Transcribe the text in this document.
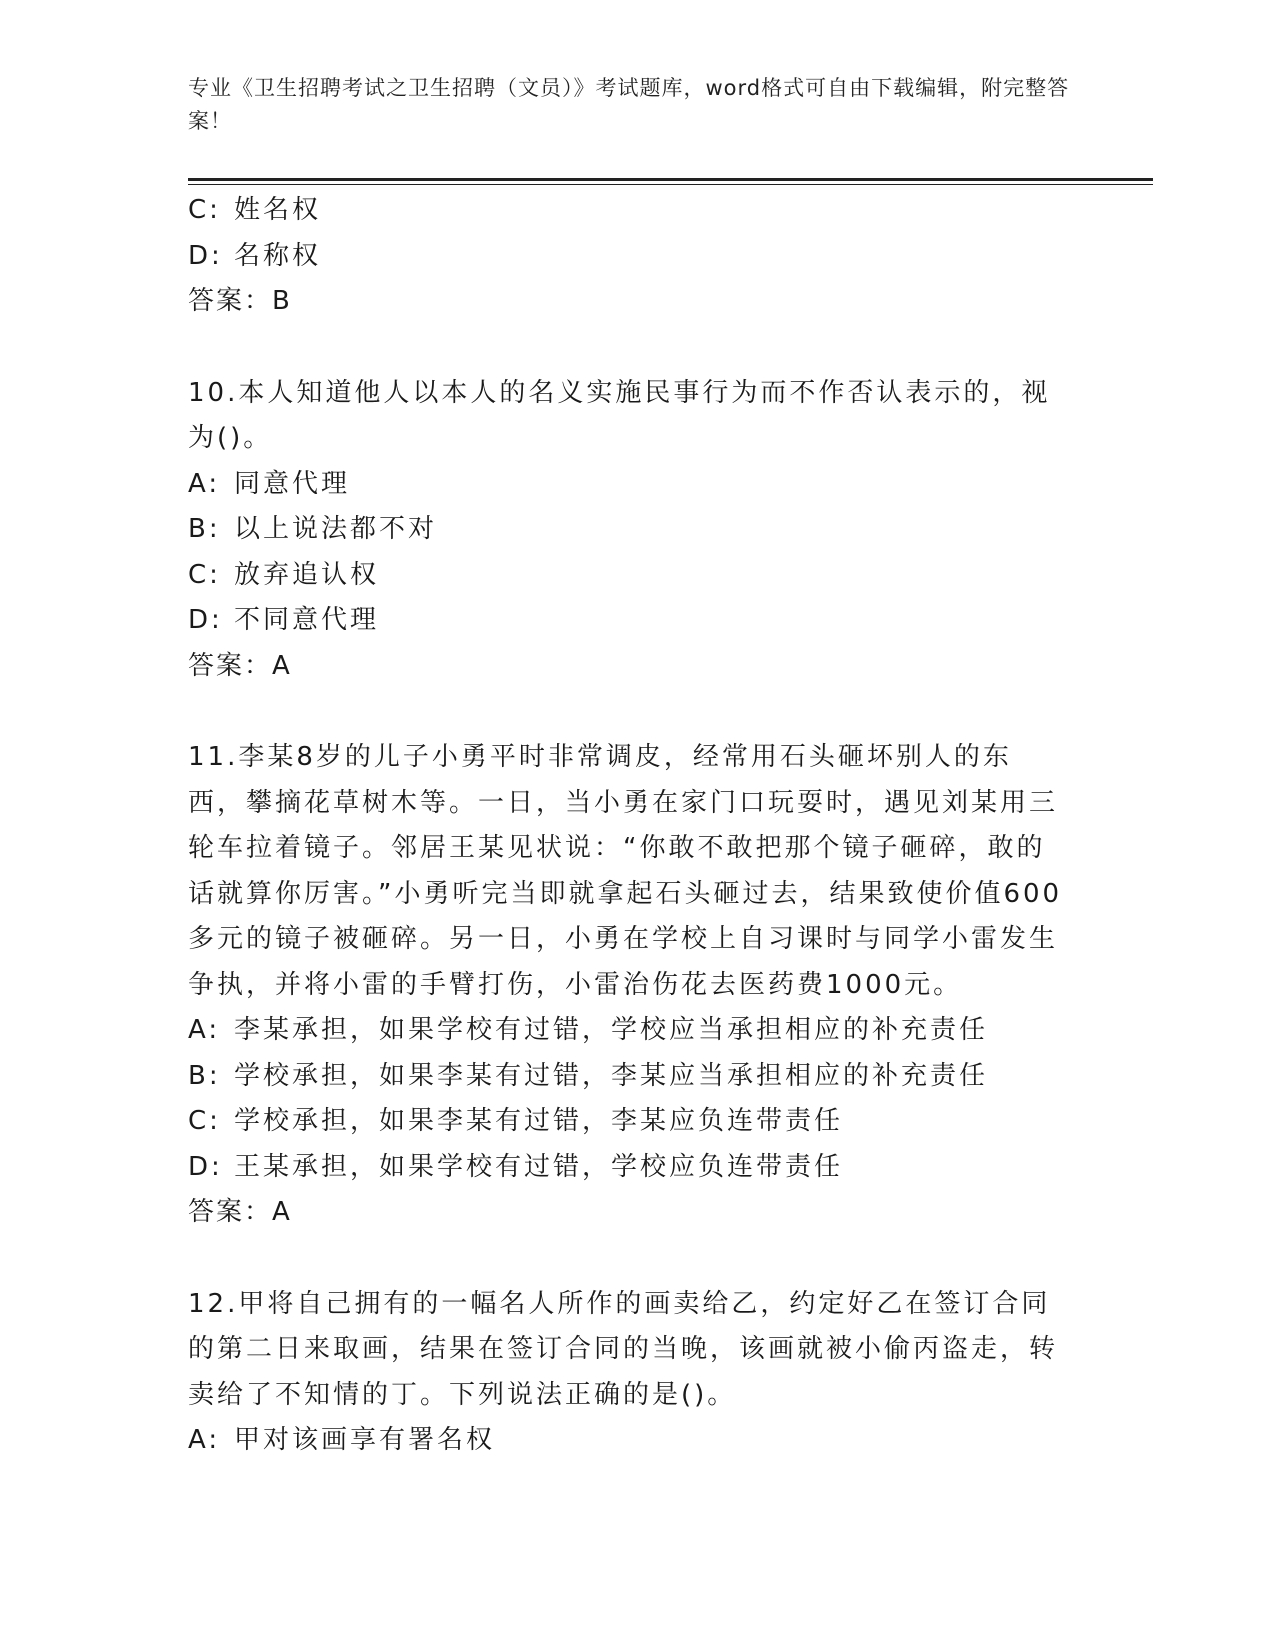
专业《卫生招聘考试之卫生招聘（文员）》考试题库，word格式可自由下载编辑，附完整答案！
C: 姓名权
D: 名称权
答案：B
10.本人知道他人以本人的名义实施民事行为而不作否认表示的，视为()。
A: 同意代理
B: 以上说法都不对
C: 放弃追认权
D: 不同意代理
答案：A
11.李某8岁的儿子小勇平时非常调皮，经常用石头砸坏别人的东西，攀摘花草树木等。一日，当小勇在家门口玩耍时，遇见刘某用三轮车拉着镜子。邻居王某见状说：“你敢不敢把那个镜子砸碎，敢的话就算你厉害。”小勇听完当即就拿起石头砸过去，结果致使价值600多元的镜子被砸碎。另一日，小勇在学校上自习课时与同学小雷发生争执，并将小雷的手臂打伤，小雷治伤花去医药费1000元。
A: 李某承担，如果学校有过错，学校应当承担相应的补充责任
B: 学校承担，如果李某有过错，李某应当承担相应的补充责任
C: 学校承担，如果李某有过错，李某应负连带责任
D: 王某承担，如果学校有过错，学校应负连带责任
答案：A
12.甲将自己拥有的一幅名人所作的画卖给乙，约定好乙在签订合同的第二日来取画，结果在签订合同的当晚，该画就被小偷丙盗走，转卖给了不知情的丁。下列说法正确的是()。
A: 甲对该画享有署名权
